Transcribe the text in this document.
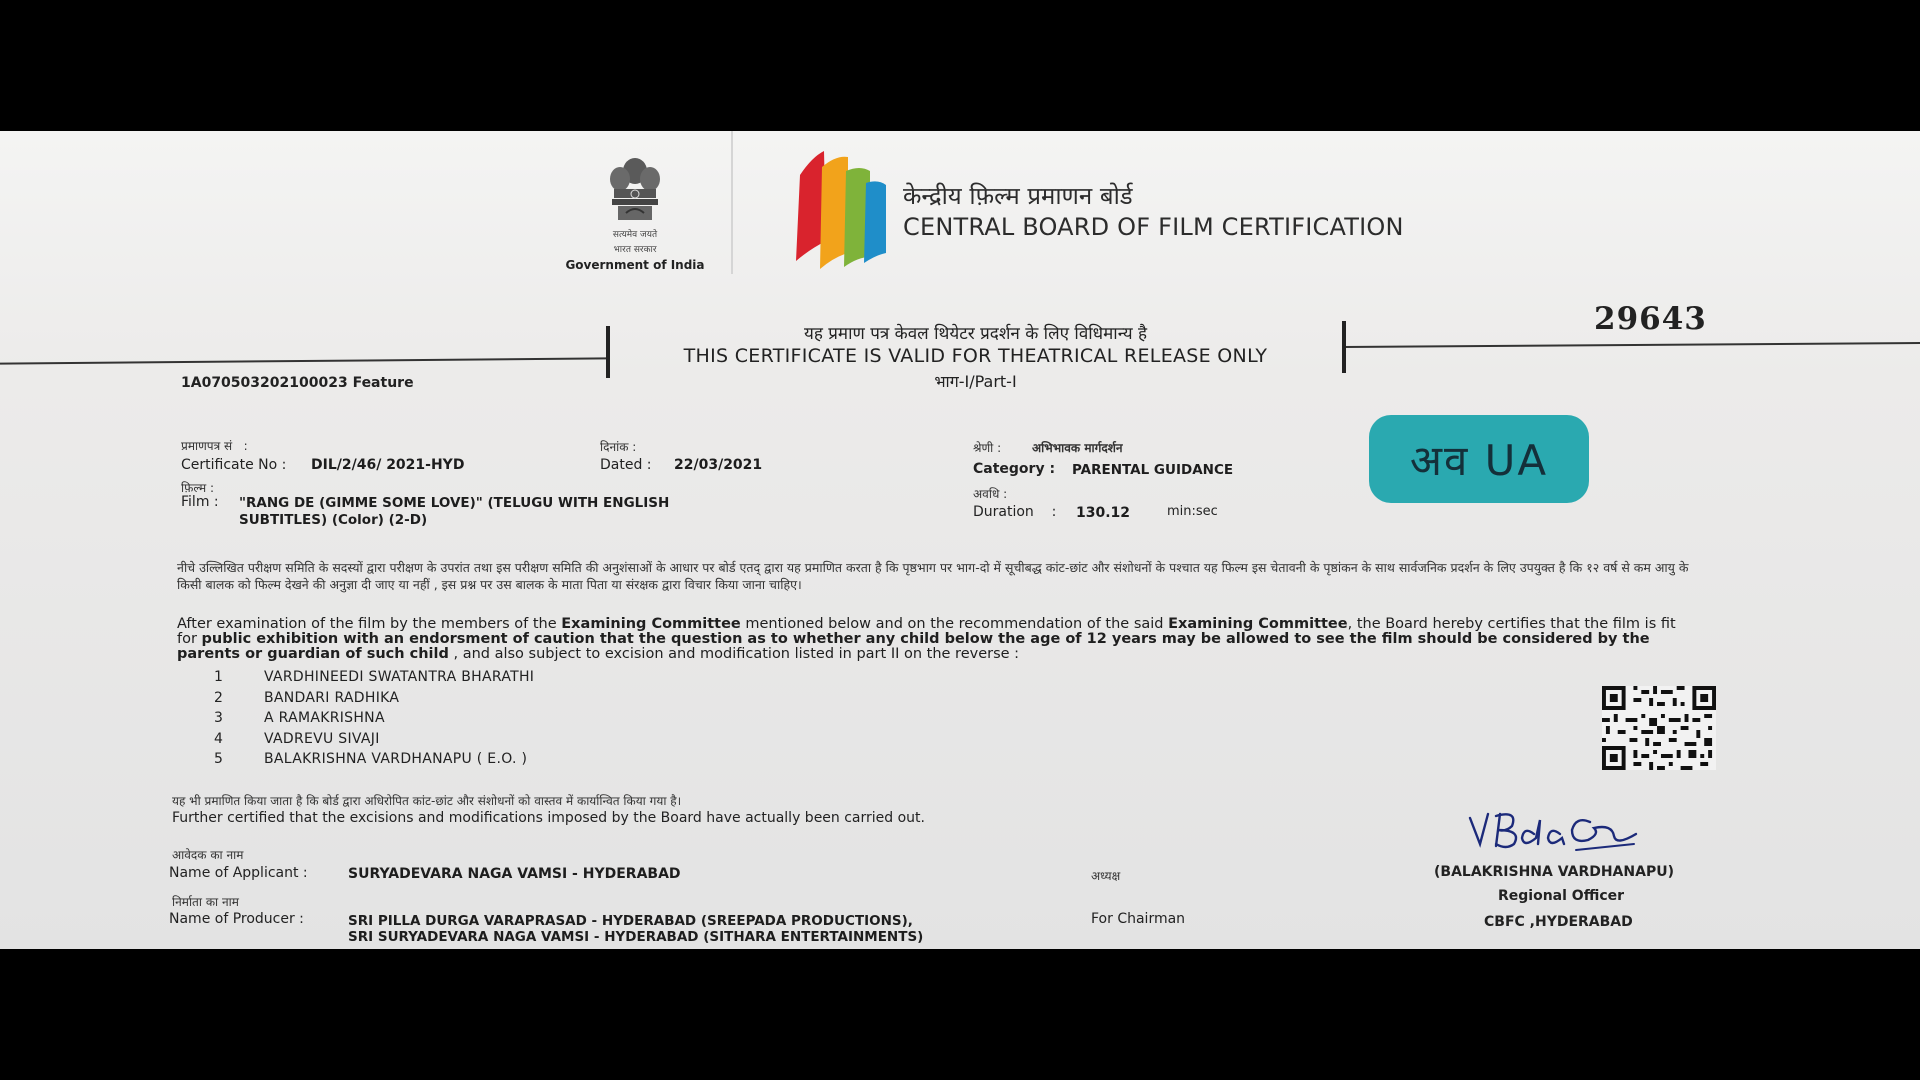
सत्यमेव जयते
भारत सरकार
Government of India
केन्द्रीय फ़िल्म प्रमाणन बोर्ड
CENTRAL BOARD OF FILM CERTIFICATION
यह प्रमाण पत्र केवल थियेटर प्रदर्शन के लिए विधिमान्य है
THIS CERTIFICATE IS VALID FOR THEATRICAL RELEASE ONLY
भाग-I/Part-I
29643
1A070503202100023 Feature
प्रमाणपत्र सं   :
Certificate No : DIL/2/46/ 2021-HYD
दिनांक :
Dated : 22/03/2021
फ़िल्म :
Film : "RANG DE (GIMME SOME LOVE)" (TELUGU WITH ENGLISH
SUBTITLES) (Color) (2-D)
श्रेणी :	अभिभावक मार्गदर्शन
Category : PARENTAL GUIDANCE
अवधि :
Duration    : 130.12	min:sec
अव UA
नीचे उल्लिखित परीक्षण समिति के सदस्यों द्वारा परीक्षण के उपरांत तथा इस परीक्षण समिति की अनुशंसाओं के आधार पर बोर्ड एतद् द्वारा यह प्रमाणित करता है कि पृष्ठभाग पर भाग-दो में सूचीबद्ध कांट-छांट और संशोधनों के पश्चात यह फिल्म इस चेतावनी के पृष्ठांकन के साथ सार्वजनिक प्रदर्शन के लिए उपयुक्त है कि १२ वर्ष से कम आयु के किसी बालक को फिल्म देखने की अनुज्ञा दी जाए या नहीं , इस प्रश्न पर उस बालक के माता पिता या संरक्षक द्वारा विचार किया जाना चाहिए।
After examination of the film by the members of the Examining Committee mentioned below and on the recommendation of the said Examining Committee, the Board hereby certifies that the film is fit for public exhibition with an endorsment of caution that the question as to whether any child below the age of 12 years may be allowed to see the film should be considered by the parents or guardian of such child , and also subject to excision and modification listed in part II on the reverse :
1	VARDHINEEDI SWATANTRA BHARATHI
2	BANDARI RADHIKA
3	A RAMAKRISHNA
4	VADREVU SIVAJI
5	BALAKRISHNA VARDHANAPU ( E.O. )
यह भी प्रमाणित किया जाता है कि बोर्ड द्वारा अधिरोपित कांट-छांट और संशोधनों को वास्तव में कार्यान्वित किया गया है।
Further certified that the excisions and modifications imposed by the Board have actually been carried out.
आवेदक का नाम
Name of Applicant :	SURYADEVARA NAGA VAMSI - HYDERABAD	अध्यक्ष
For Chairman
(BALAKRISHNA VARDHANAPU)
Regional Officer
CBFC ,HYDERABAD
निर्माता का नाम
Name of Producer :	SRI PILLA DURGA VARAPRASAD - HYDERABAD (SREEPADA PRODUCTIONS),
SRI SURYADEVARA NAGA VAMSI - HYDERABAD (SITHARA ENTERTAINMENTS)
